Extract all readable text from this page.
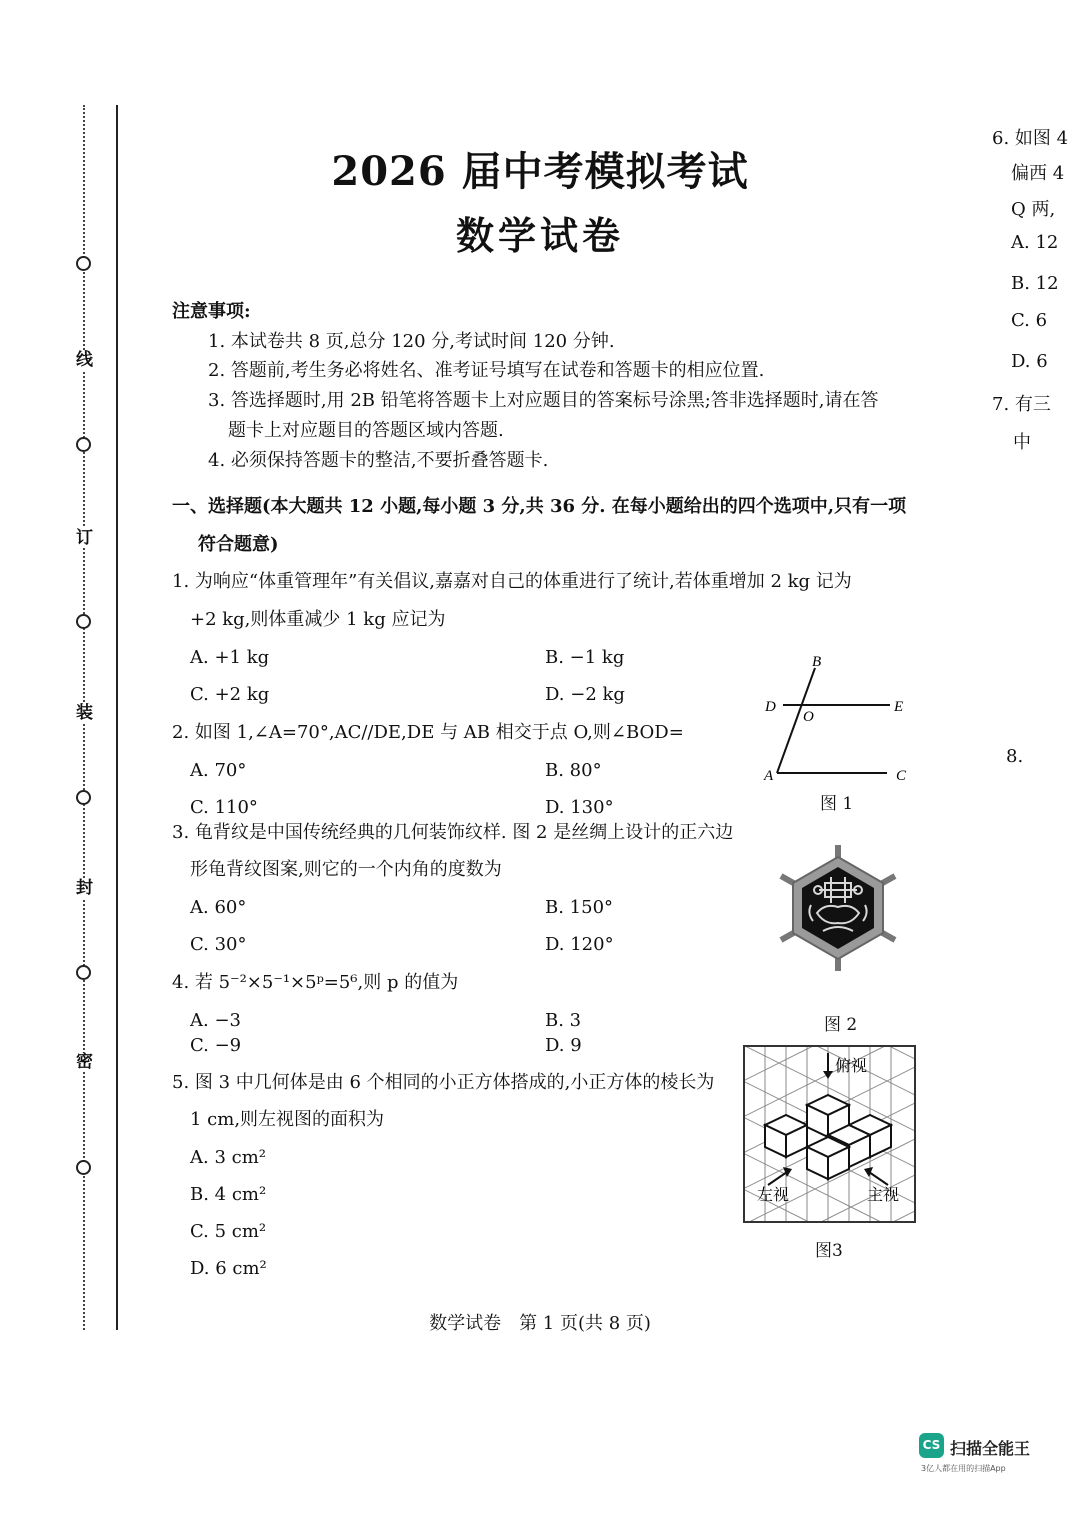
线
订
装
封
密
2026 届中考模拟考试
数学试卷
注意事项:
1. 本试卷共 8 页,总分 120 分,考试时间 120 分钟.
2. 答题前,考生务必将姓名、准考证号填写在试卷和答题卡的相应位置.
3. 答选择题时,用 2B 铅笔将答题卡上对应题目的答案标号涂黑;答非选择题时,请在答
题卡上对应题目的答题区域内答题.
4. 必须保持答题卡的整洁,不要折叠答题卡.
一、选择题(本大题共 12 小题,每小题 3 分,共 36 分. 在每小题给出的四个选项中,只有一项
符合题意)
1. 为响应“体重管理年”有关倡议,嘉嘉对自己的体重进行了统计,若体重增加 2 kg 记为
+2 kg,则体重减少 1 kg 应记为
A. +1 kg	B. −1 kg
C. +2 kg	D. −2 kg
2. 如图 1,∠A=70°,AC//DE,DE 与 AB 相交于点 O,则∠BOD=
A. 70°	B. 80°
C. 110°	D. 130°
3. 龟背纹是中国传统经典的几何装饰纹样. 图 2 是丝绸上设计的正六边
形龟背纹图案,则它的一个内角的度数为
A. 60°	B. 150°
C. 30°	D. 120°
4. 若 5⁻²×5⁻¹×5ᵖ=5⁶,则 p 的值为
A. −3	B. 3
C. −9	D. 9
5. 图 3 中几何体是由 6 个相同的小正方体搭成的,小正方体的棱长为
1 cm,则左视图的面积为
A. 3 cm²
B. 4 cm²
C. 5 cm²
D. 6 cm²
B
D
O
E
A	C
图 1
图 2
俯视
左视	主视
图3
数学试卷　第 1 页(共 8 页)
6. 如图 4
偏西 4
Q 两,
A. 12
B. 12
C. 6
D. 6
7. 有三
中
8.
CS 扫描全能王
3亿人都在用的扫描App
